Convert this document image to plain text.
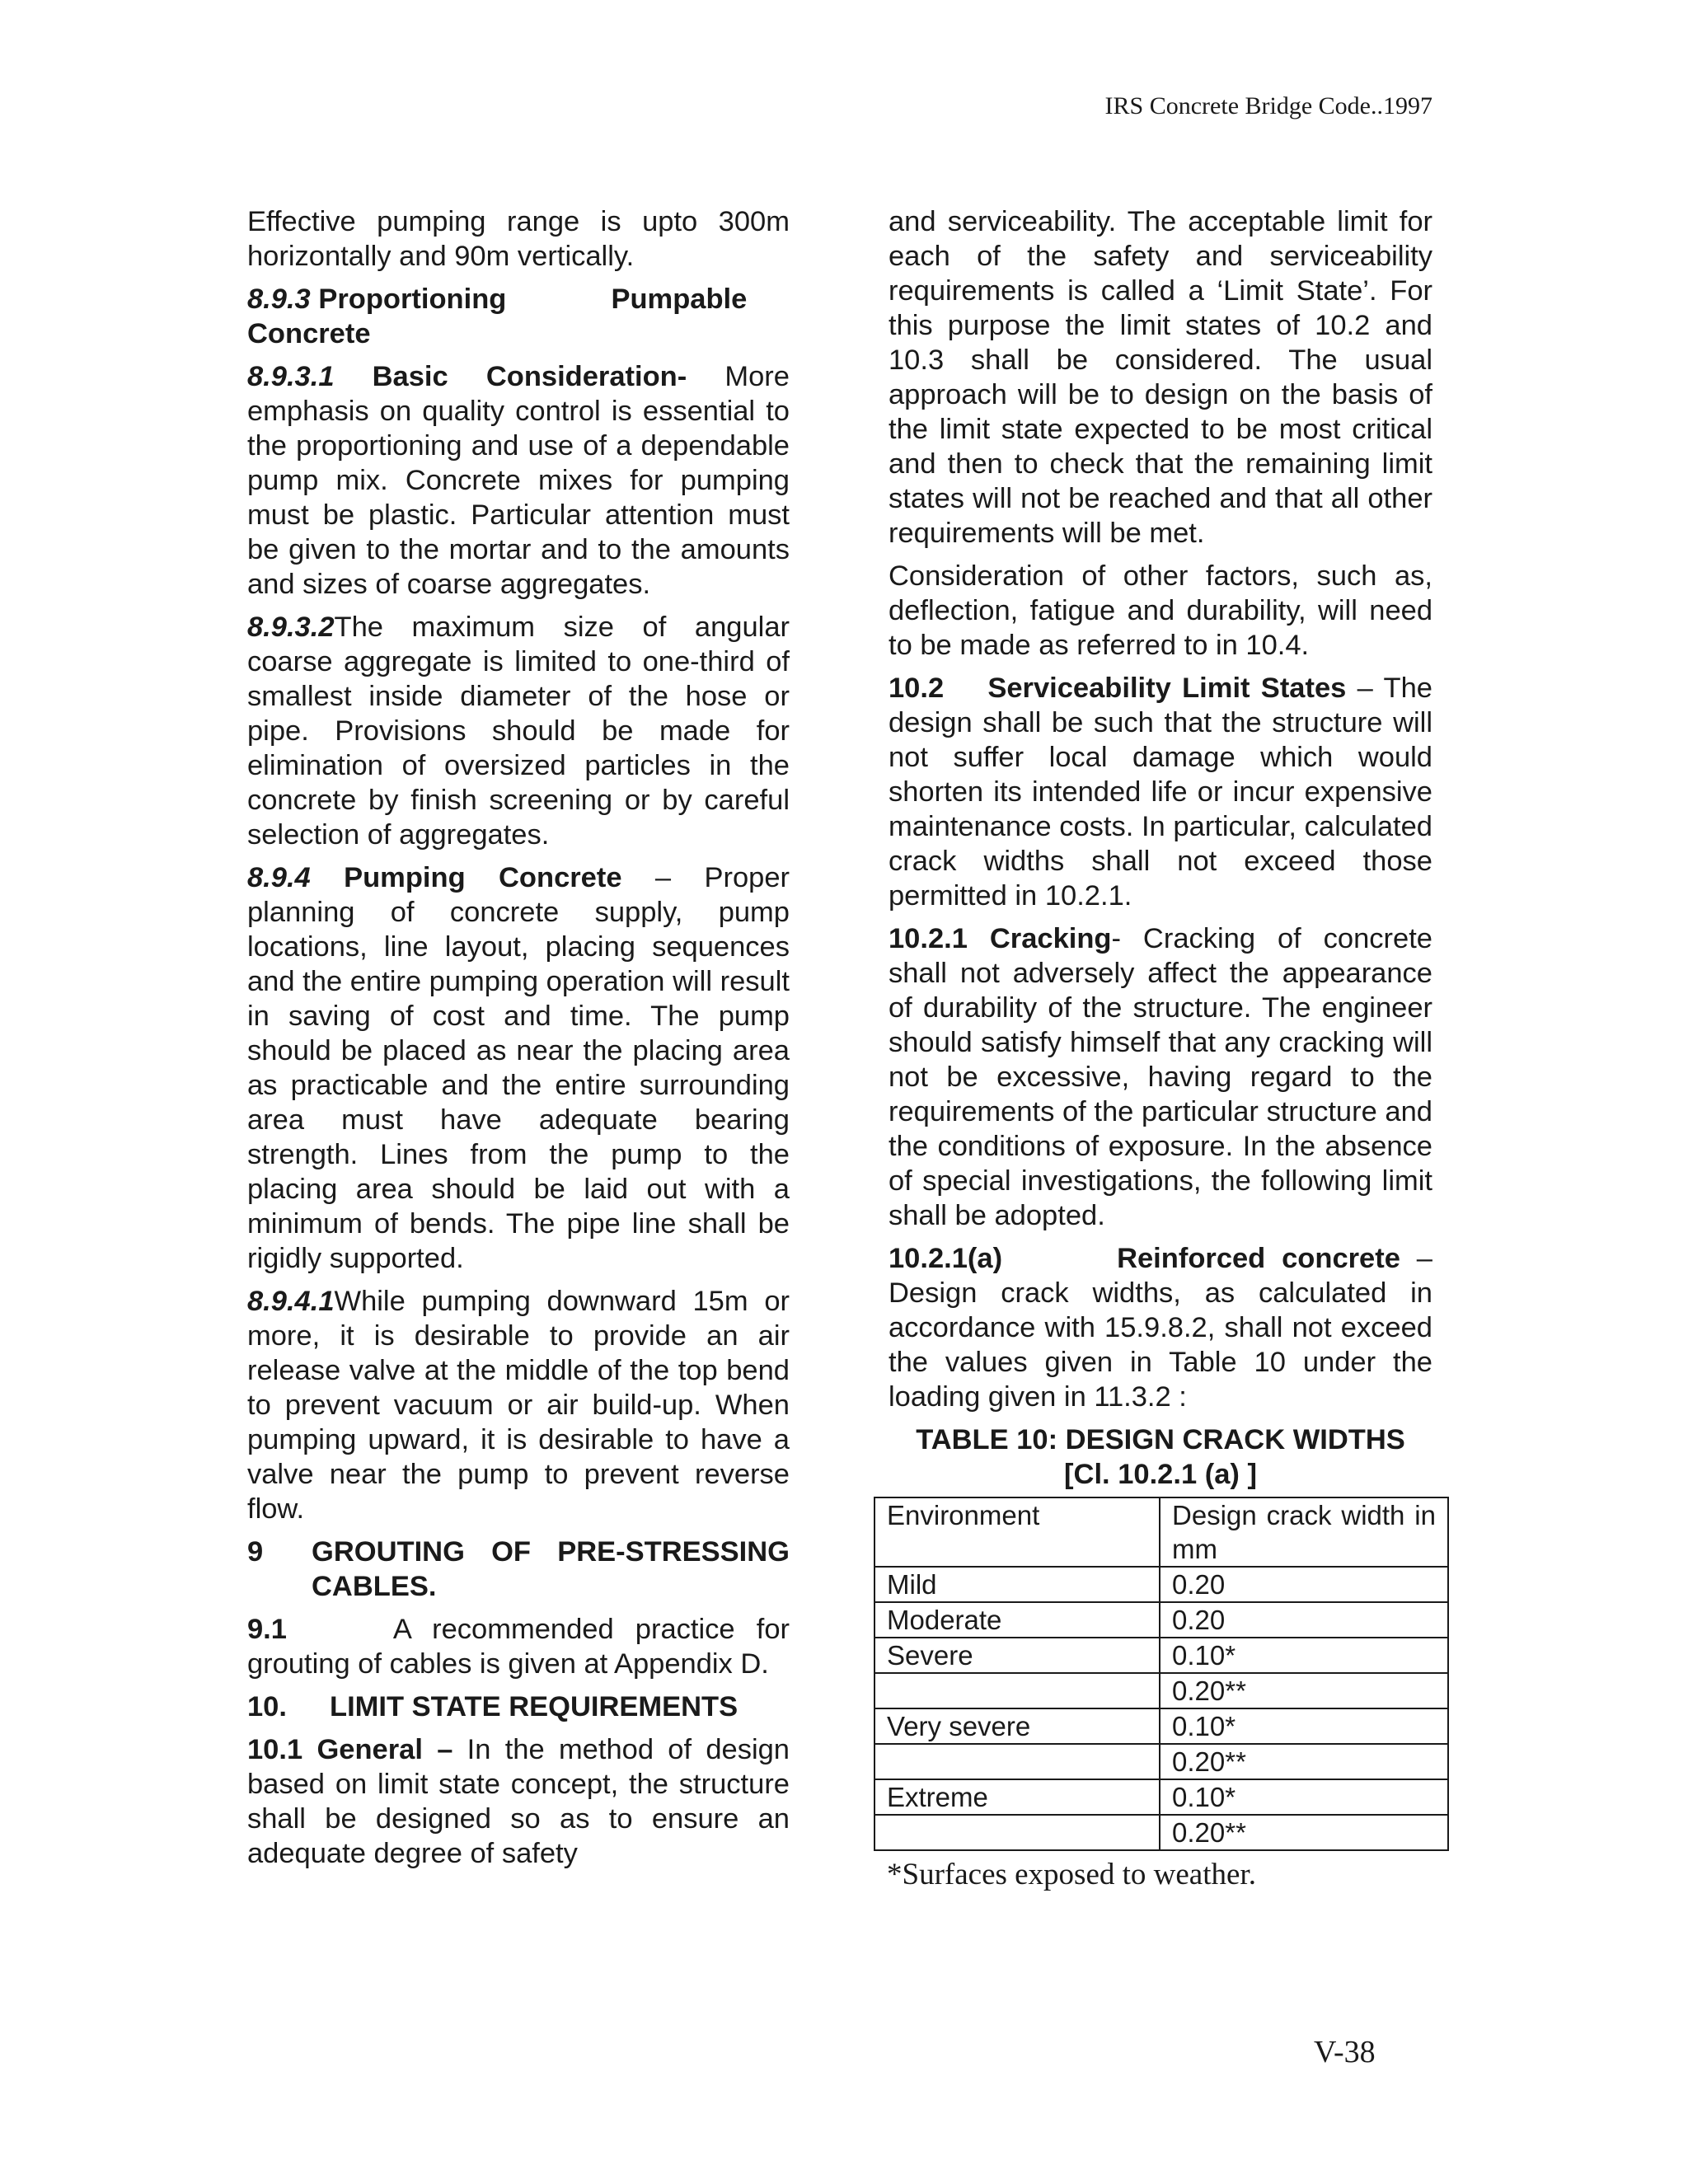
IRS Concrete Bridge Code..1997

Effective pumping range is upto 300m horizontally and 90m vertically.

8.9.3 Proportioning Pumpable
Concrete

8.9.3.1 Basic Consideration- More emphasis on quality control is essential to the proportioning and use of a dependable pump mix. Concrete mixes for pumping must be plastic. Particular attention must be given to the mortar and to the amounts and sizes of coarse aggregates.

8.9.3.2The maximum size of angular coarse aggregate is limited to one-third of smallest inside diameter of the hose or pipe. Provisions should be made for elimination of oversized particles in the concrete by finish screening or by careful selection of aggregates.

8.9.4 Pumping Concrete – Proper planning of concrete supply, pump locations, line layout, placing sequences and the entire pumping operation will result in saving of cost and time. The pump should be placed as near the placing area as practicable and the entire surrounding area must have adequate bearing strength. Lines from the pump to the placing area should be laid out with a minimum of bends. The pipe line shall be rigidly supported.

8.9.4.1While pumping downward 15m or more, it is desirable to provide an air release valve at the middle of the top bend to prevent vacuum or air build-up. When pumping upward, it is desirable to have a valve near the pump to prevent reverse flow.

9	GROUTING OF PRE-STRESSING CABLES.

9.1	A recommended practice for grouting of cables is given at Appendix D.

10.	LIMIT STATE REQUIREMENTS

10.1 General – In the method of design based on limit state concept, the structure shall be designed so as to ensure an adequate degree of safety

and serviceability. The acceptable limit for each of the safety and serviceability requirements is called a ‘Limit State’. For this purpose the limit states of 10.2 and 10.3 shall be considered. The usual approach will be to design on the basis of the limit state expected to be most critical and then to check that the remaining limit states will not be reached and that all other requirements will be met.

Consideration of other factors, such as, deflection, fatigue and durability, will need to be made as referred to in 10.4.

10.2 Serviceability Limit States – The design shall be such that the structure will not suffer local damage which would shorten its intended life or incur expensive maintenance costs. In particular, calculated crack widths shall not exceed those permitted in 10.2.1.

10.2.1 Cracking- Cracking of concrete shall not adversely affect the appearance of durability of the structure. The engineer should satisfy himself that any cracking will not be excessive, having regard to the requirements of the particular structure and the conditions of exposure. In the absence of special investigations, the following limit shall be adopted.

10.2.1(a)	Reinforced concrete – Design crack widths, as calculated in accordance with 15.9.8.2, shall not exceed the values given in Table 10 under the loading given in 11.3.2 :

TABLE 10: DESIGN CRACK WIDTHS
[Cl. 10.2.1 (a) ]
Environment	Design crack width in mm
Mild	0.20
Moderate	0.20
Severe	0.10*
	0.20**
Very severe	0.10*
	0.20**
Extreme	0.10*
	0.20**
*Surfaces exposed to weather.
V-38
